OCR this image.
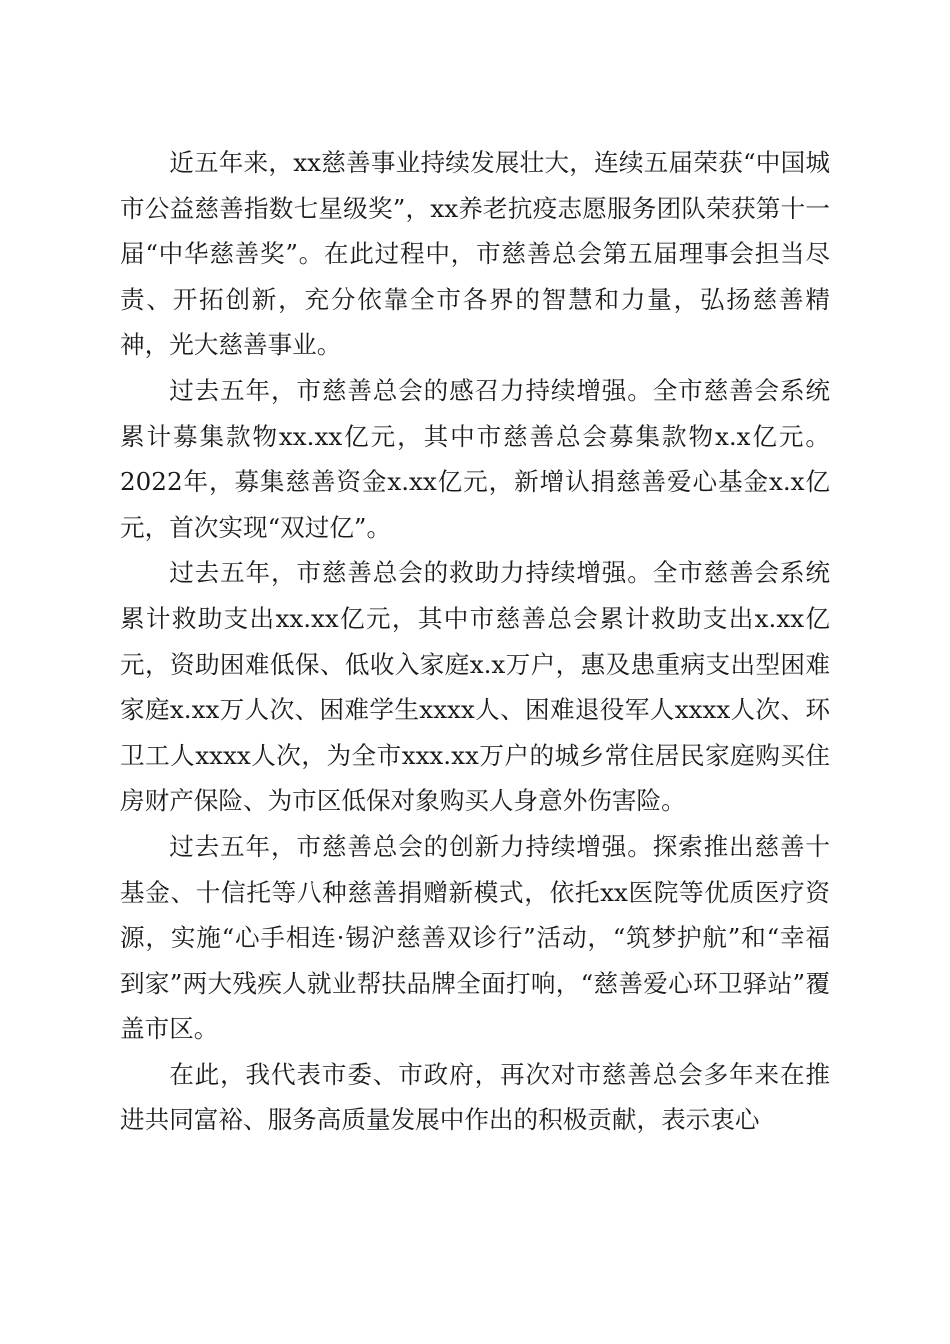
近五年来，xx慈善事业持续发展壮大，连续五届荣获“中国城市公益慈善指数七星级奖”，xx养老抗疫志愿服务团队荣获第十一届“中华慈善奖”。在此过程中，市慈善总会第五届理事会担当尽责、开拓创新，充分依靠全市各界的智慧和力量，弘扬慈善精神，光大慈善事业。

过去五年，市慈善总会的感召力持续增强。全市慈善会系统累计募集款物xx.xx亿元，其中市慈善总会募集款物x.x亿元。2022年，募集慈善资金x.xx亿元，新增认捐慈善爱心基金x.x亿元，首次实现“双过亿”。

过去五年，市慈善总会的救助力持续增强。全市慈善会系统累计救助支出xx.xx亿元，其中市慈善总会累计救助支出x.xx亿元，资助困难低保、低收入家庭x.x万户，惠及患重病支出型困难家庭x.xx万人次、困难学生xxxx人、困难退役军人xxxx人次、环卫工人xxxx人次，为全市xxx.xx万户的城乡常住居民家庭购买住房财产保险、为市区低保对象购买人身意外伤害险。

过去五年，市慈善总会的创新力持续增强。探索推出慈善十基金、十信托等八种慈善捐赠新模式，依托xx医院等优质医疗资源，实施“心手相连·锡沪慈善双诊行”活动，“筑梦护航”和“幸福到家”两大残疾人就业帮扶品牌全面打响，“慈善爱心环卫驿站”覆盖市区。

在此，我代表市委、市政府，再次对市慈善总会多年来在推进共同富裕、服务高质量发展中作出的积极贡献，表示衷心
